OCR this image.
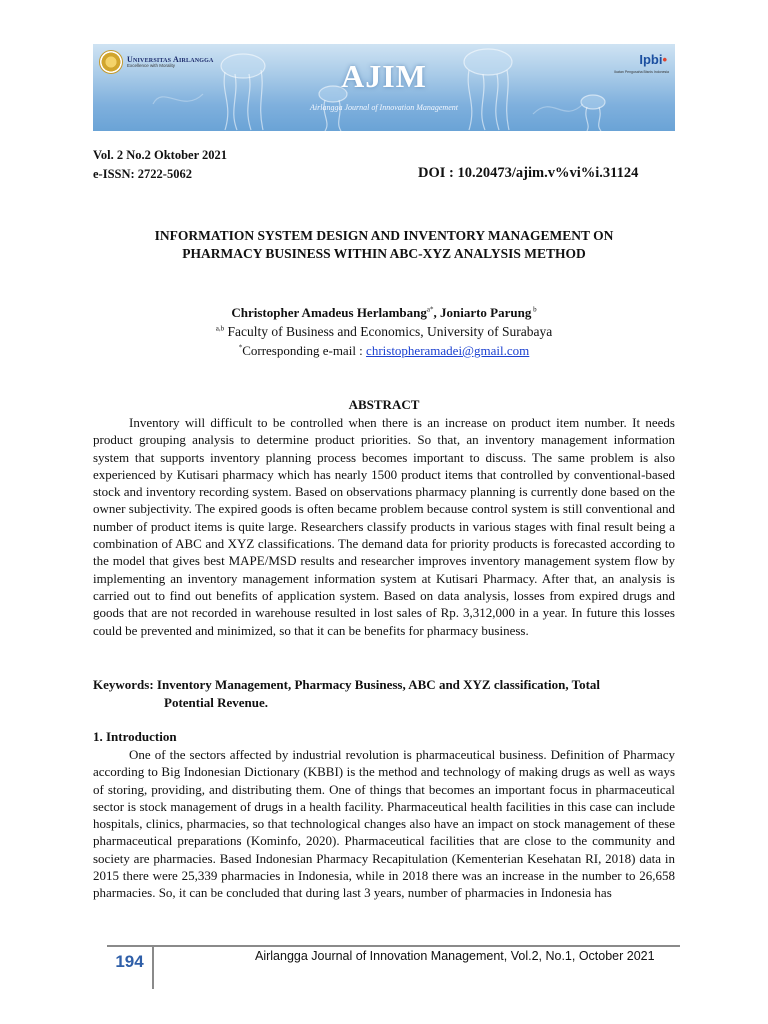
Universitas Airlangga
Excellence with Morality	AJIM
Airlangga Journal of Innovation Management
Ipbi•
Ikatan Pengusaha Bisnis Indonesia
Vol. 2 No.2 Oktober 2021
e-ISSN: 2722-5062	DOI : 10.20473/ajim.v%vi%i.31124
INFORMATION SYSTEM DESIGN AND INVENTORY MANAGEMENT ON
PHARMACY BUSINESS WITHIN ABC-XYZ ANALYSIS METHOD
Christopher Amadeus Herlambang$^{a*}$, Joniarto Parung $^b$
$^{a,b}$ Faculty of Business and Economics, University of Surabaya
*Corresponding e-mail : christopheramadei@gmail.com
ABSTRACT

Inventory will difficult to be controlled when there is an increase on product item number. It needs product grouping analysis to determine product priorities. So that, an inventory management information system that supports inventory planning process becomes important to discuss. The same problem is also experienced by Kutisari pharmacy which has nearly 1500 product items that controlled by conventional-based stock and inventory recording system. Based on observations pharmacy planning is currently done based on the owner subjectivity. The expired goods is often became problem because control system is still conventional and number of product items is quite large. Researchers classify products in various stages with final result being a combination of ABC and XYZ classifications. The demand data for priority products is forecasted according to the model that gives best MAPE/MSD results and researcher improves inventory management system flow by implementing an inventory management information system at Kutisari Pharmacy. After that, an analysis is carried out to find out benefits of application system. Based on data analysis, losses from expired drugs and goods that are not recorded in warehouse resulted in lost sales of Rp. 3,312,000 in a year. In future this losses could be prevented and minimized, so that it can be benefits for pharmacy business.

Keywords: Inventory Management, Pharmacy Business, ABC and XYZ classification, Total
Potential Revenue.
1. Introduction

One of the sectors affected by industrial revolution is pharmaceutical business. Definition of Pharmacy according to Big Indonesian Dictionary (KBBI) is the method and technology of making drugs as well as ways of storing, providing, and distributing them. One of things that becomes an important focus in pharmaceutical sector is stock management of drugs in a health facility. Pharmaceutical health facilities in this case can include hospitals, clinics, pharmacies, so that technological changes also have an impact on stock management of these pharmaceutical preparations (Kominfo, 2020). Pharmaceutical facilities that are close to the community and society are pharmacies. Based Indonesian Pharmacy Recapitulation (Kementerian Kesehatan RI, 2018) data in 2015 there were 25,339 pharmacies in Indonesia, while in 2018 there was an increase in the number to 26,658 pharmacies. So, it can be concluded that during last 3 years, number of pharmacies in Indonesia has

194	Airlangga Journal of Innovation Management, Vol.2, No.1, October 2021
